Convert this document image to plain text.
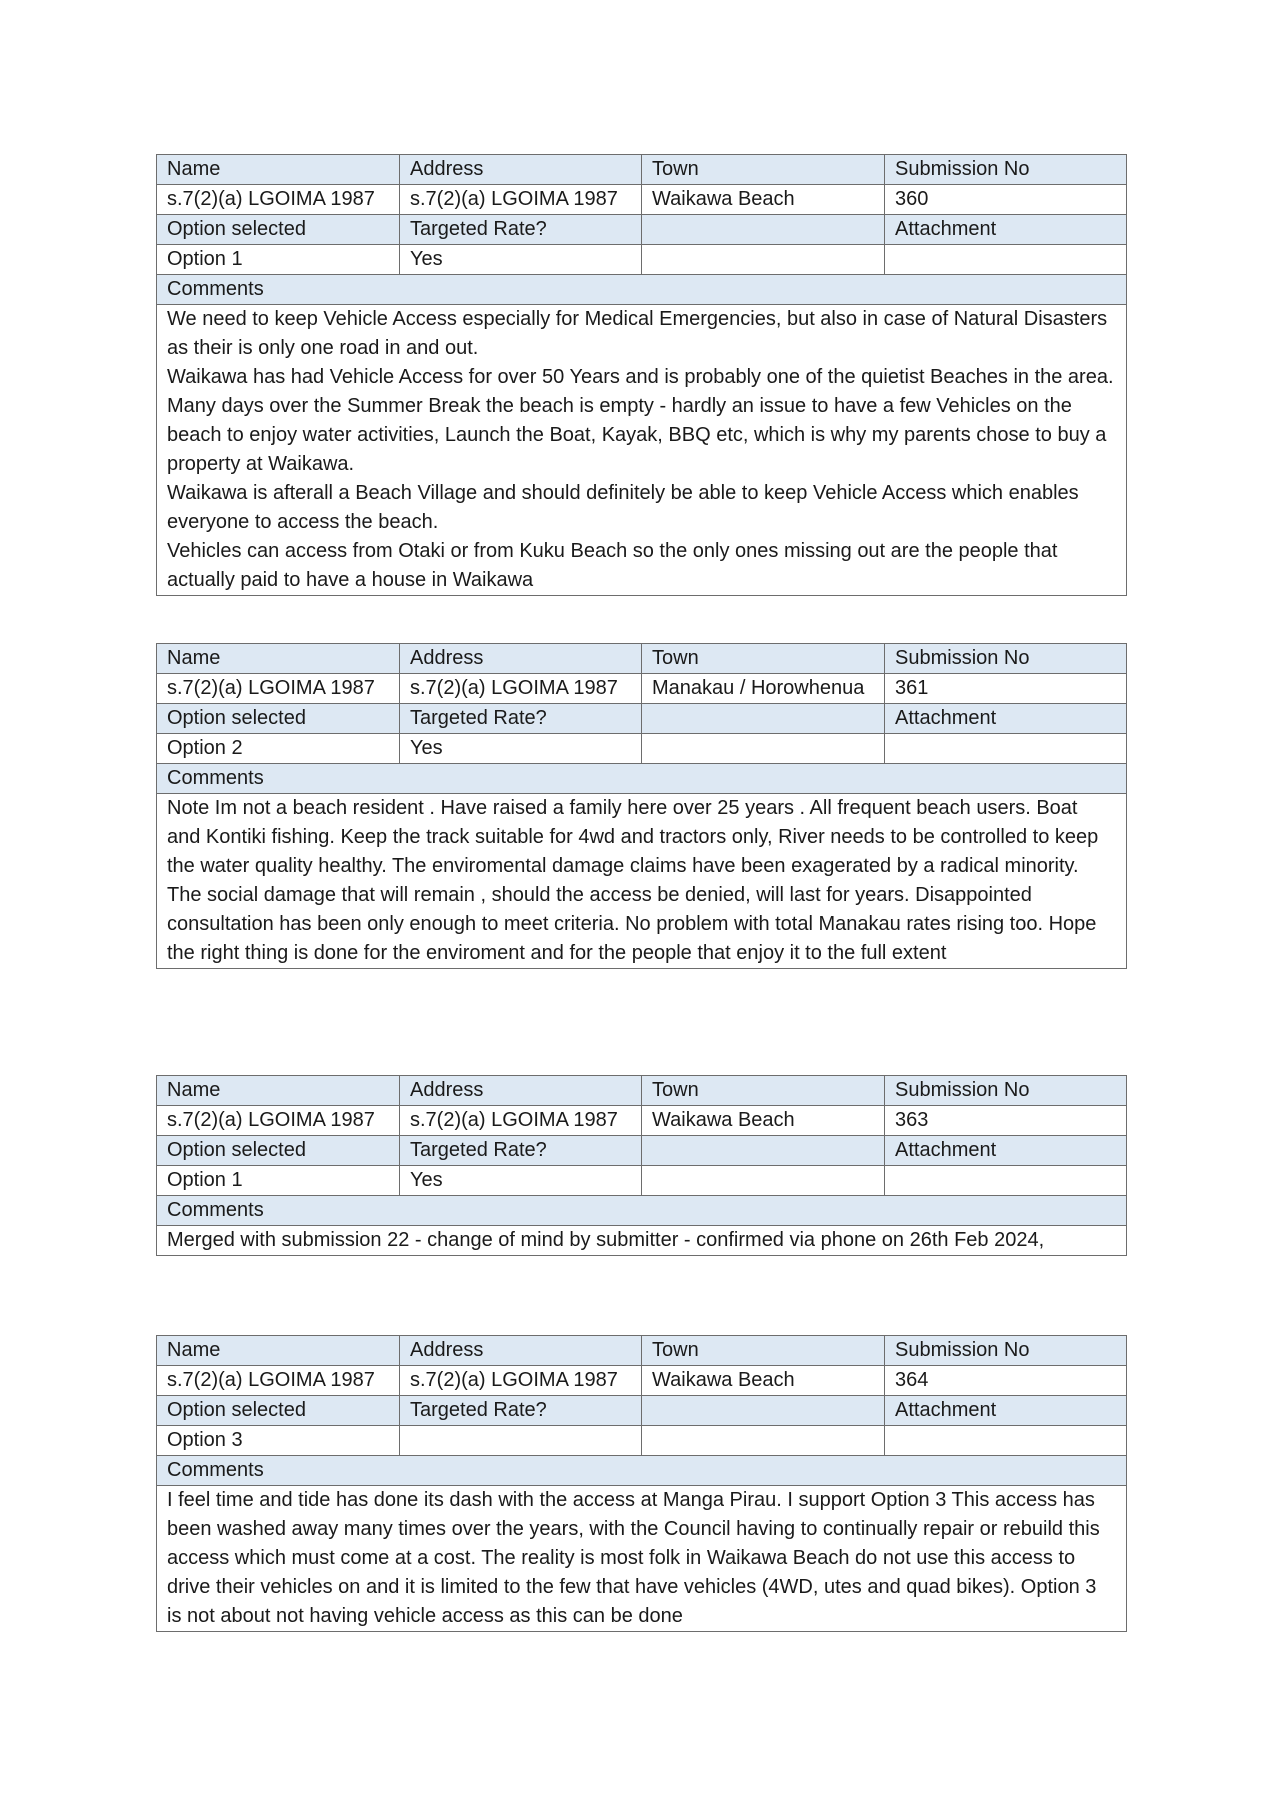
Name	Address	Town	Submission No
s.7(2)(a) LGOIMA 1987	s.7(2)(a) LGOIMA 1987	Waikawa Beach	360
Option selected	Targeted Rate?		Attachment
Option 1	Yes		
Comments			

We need to keep Vehicle Access especially for Medical Emergencies, but also in case of Natural Disasters as their is only one road in and out.
Waikawa has had Vehicle Access for over 50 Years and is probably one of the quietist Beaches in the area. Many days over the Summer Break the beach is empty - hardly an issue to have a few Vehicles on the beach to enjoy water activities, Launch the Boat, Kayak, BBQ etc, which is why my parents chose to buy a property at Waikawa.
Waikawa is afterall a Beach Village and should definitely be able to keep Vehicle Access which enables everyone to access the beach.
Vehicles can access from Otaki or from Kuku Beach so the only ones missing out are the people that actually paid to have a house in Waikawa			
Name	Address	Town	Submission No
s.7(2)(a) LGOIMA 1987	s.7(2)(a) LGOIMA 1987	Manakau / Horowhenua	361
Option selected	Targeted Rate?		Attachment
Option 2	Yes		
Comments			

Note Im not a beach resident . Have raised a family here over 25 years . All frequent beach users. Boat and Kontiki fishing. Keep the track suitable for 4wd and tractors only, River needs to be controlled to keep the water quality healthy. The enviromental damage claims have been exagerated by a radical minority. The social damage that will remain , should the access be denied, will last for years. Disappointed consultation has been only enough to meet criteria. No problem with total Manakau rates rising too. Hope the right thing is done for the enviroment and for the people that enjoy it to the full extent			
Name	Address	Town	Submission No
s.7(2)(a) LGOIMA 1987	s.7(2)(a) LGOIMA 1987	Waikawa Beach	363
Option selected	Targeted Rate?		Attachment
Option 1	Yes		
Comments			

Merged with submission 22 - change of mind by submitter - confirmed via phone on 26th Feb 2024,			
Name	Address	Town	Submission No
s.7(2)(a) LGOIMA 1987	s.7(2)(a) LGOIMA 1987	Waikawa Beach	364
Option selected	Targeted Rate?		Attachment
Option 3			
Comments			

I feel time and tide has done its dash with the access at Manga Pirau. I support Option 3 This access has been washed away many times over the years, with the Council having to continually repair or rebuild this access which must come at a cost. The reality is most folk in Waikawa Beach do not use this access to drive their vehicles on and it is limited to the few that have vehicles (4WD, utes and quad bikes). Option 3 is not about not having vehicle access as this can be done			
